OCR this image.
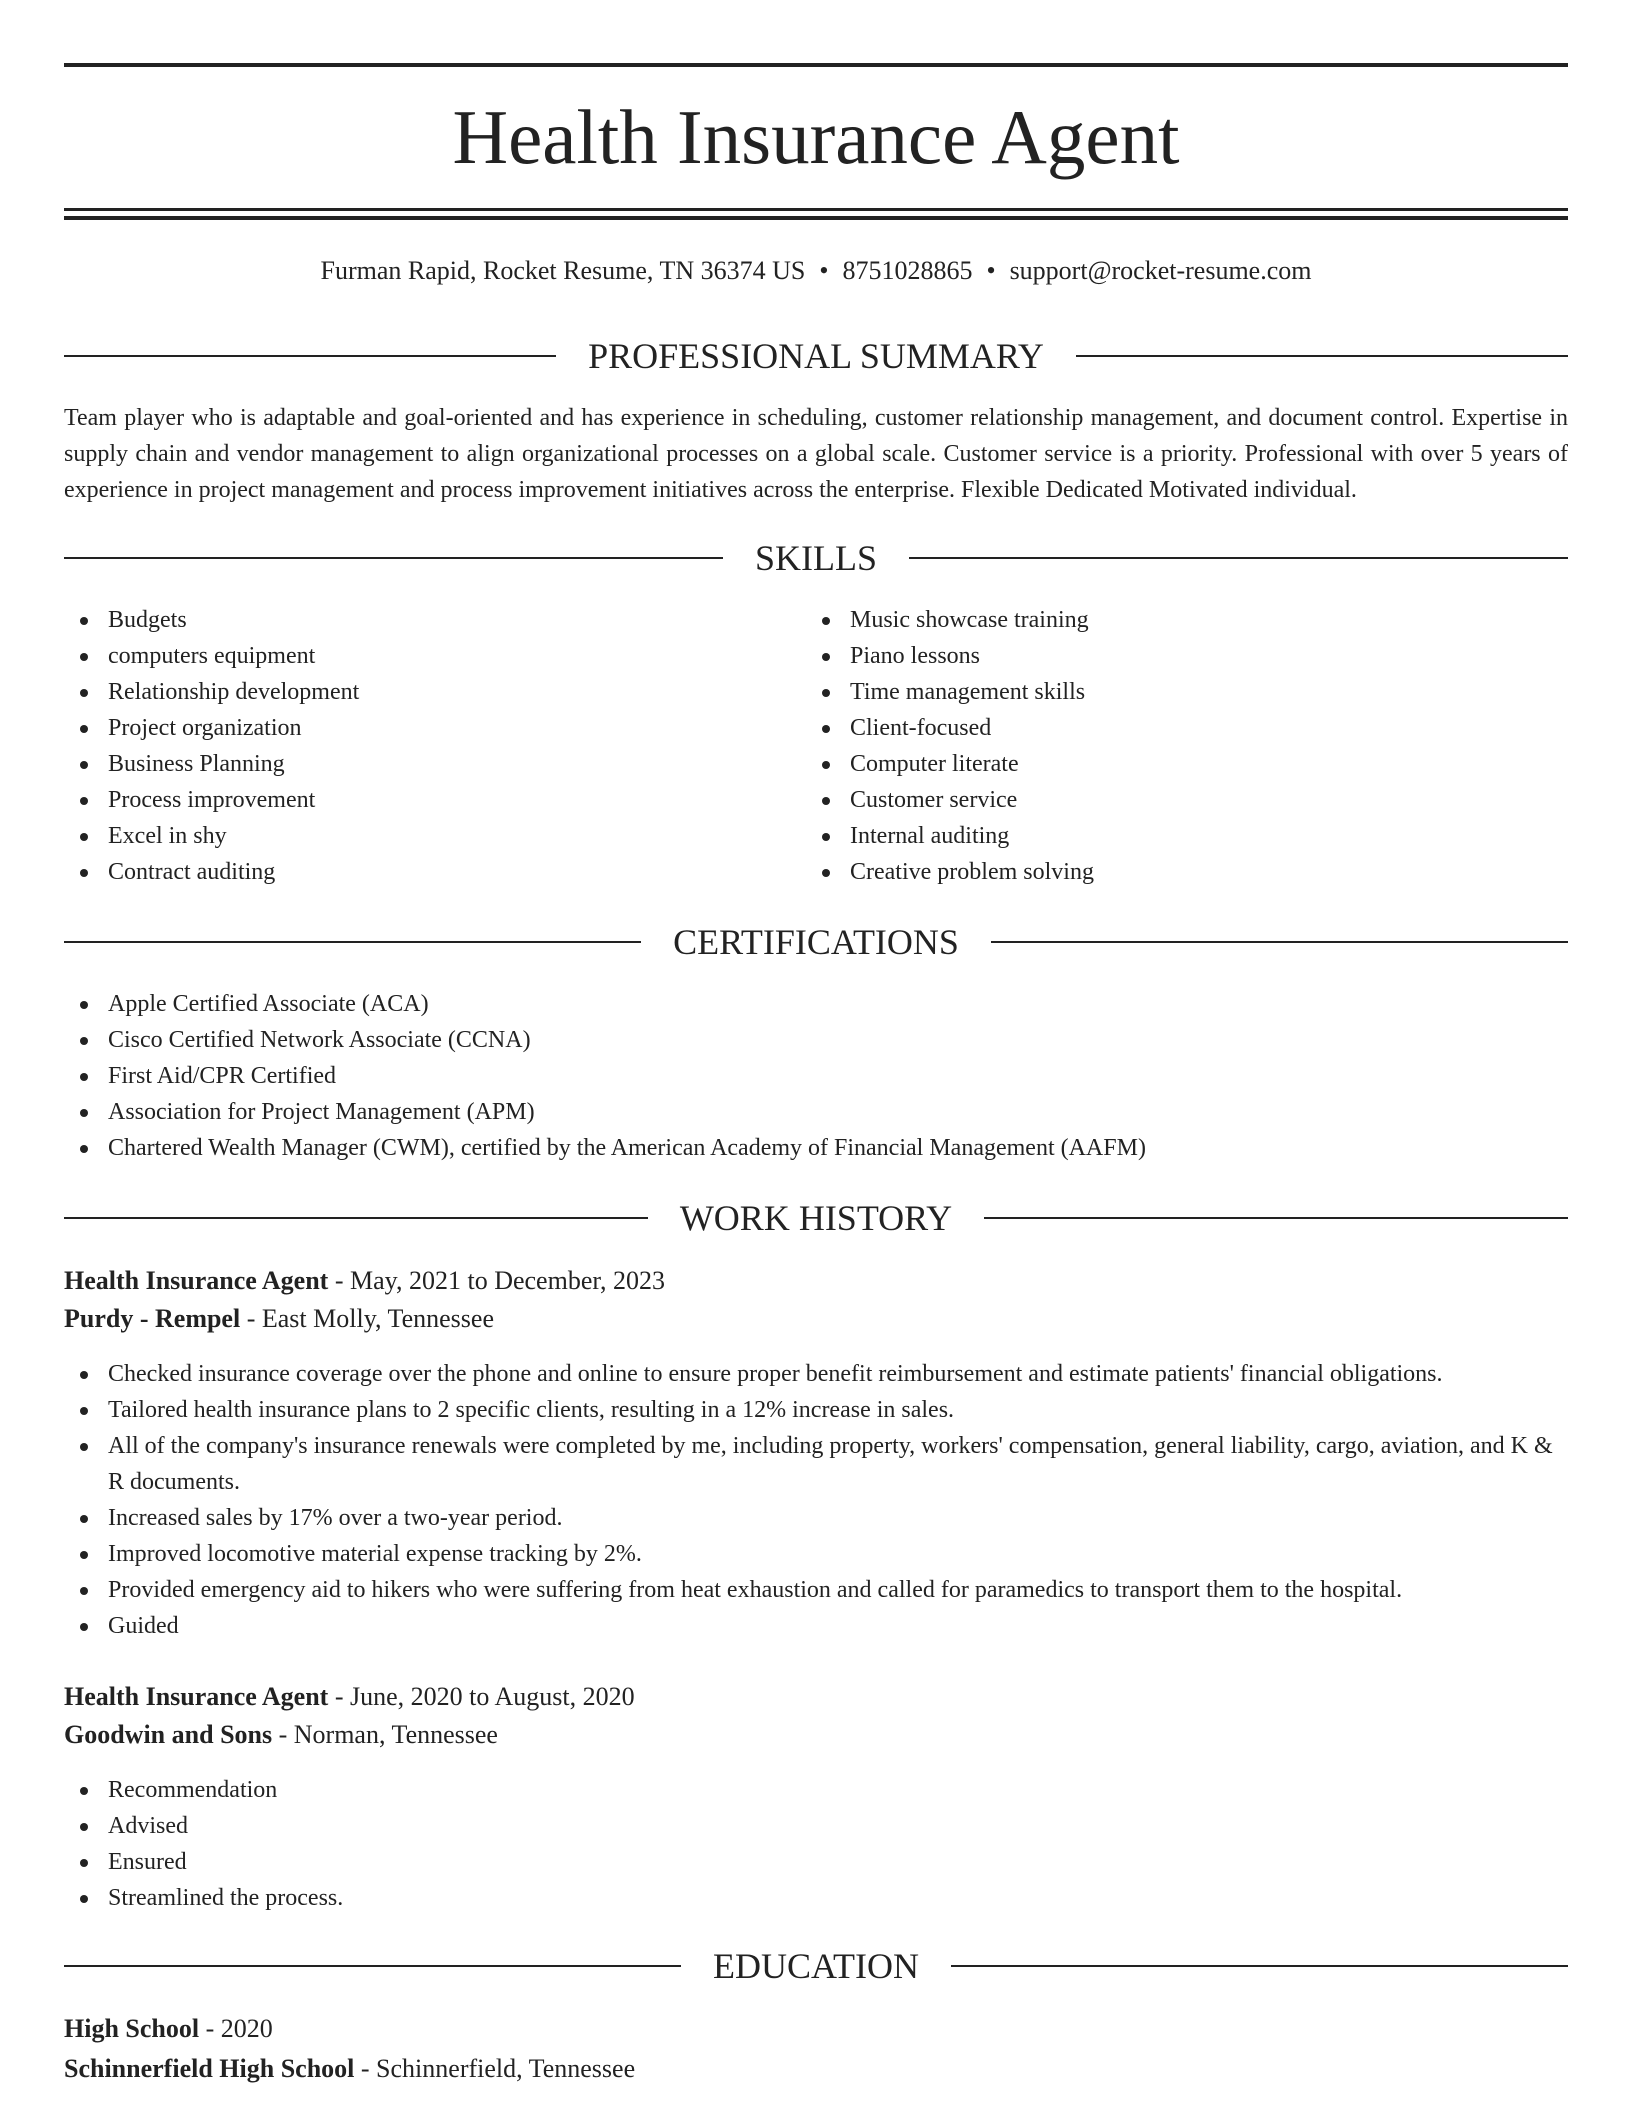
Health Insurance Agent
Furman Rapid, Rocket Resume, TN 36374 US • 8751028865 • support@rocket-resume.com
PROFESSIONAL SUMMARY

Team player who is adaptable and goal-oriented and has experience in scheduling, customer relationship management, and document control. Expertise in supply chain and vendor management to align organizational processes on a global scale. Customer service is a priority. Professional with over 5 years of experience in project management and process improvement initiatives across the enterprise. Flexible Dedicated Motivated individual.

SKILLS
Budgets
computers equipment
Relationship development
Project organization
Business Planning
Process improvement
Excel in shy
Contract auditing
Music showcase training
Piano lessons
Time management skills
Client-focused
Computer literate
Customer service
Internal auditing
Creative problem solving
CERTIFICATIONS
Apple Certified Associate (ACA)
Cisco Certified Network Associate (CCNA)
First Aid/CPR Certified
Association for Project Management (APM)
Chartered Wealth Manager (CWM), certified by the American Academy of Financial Management (AAFM)
WORK HISTORY
Health Insurance Agent - May, 2021 to December, 2023
Purdy - Rempel - East Molly, Tennessee
Checked insurance coverage over the phone and online to ensure proper benefit reimbursement and estimate patients' financial obligations.
Tailored health insurance plans to 2 specific clients, resulting in a 12% increase in sales.
All of the company's insurance renewals were completed by me, including property, workers' compensation, general liability, cargo, aviation, and K & R documents.
Increased sales by 17% over a two-year period.
Improved locomotive material expense tracking by 2%.
Provided emergency aid to hikers who were suffering from heat exhaustion and called for paramedics to transport them to the hospital.
Guided
Health Insurance Agent - June, 2020 to August, 2020
Goodwin and Sons - Norman, Tennessee
Recommendation
Advised
Ensured
Streamlined the process.
EDUCATION
High School - 2020
Schinnerfield High School - Schinnerfield, Tennessee
